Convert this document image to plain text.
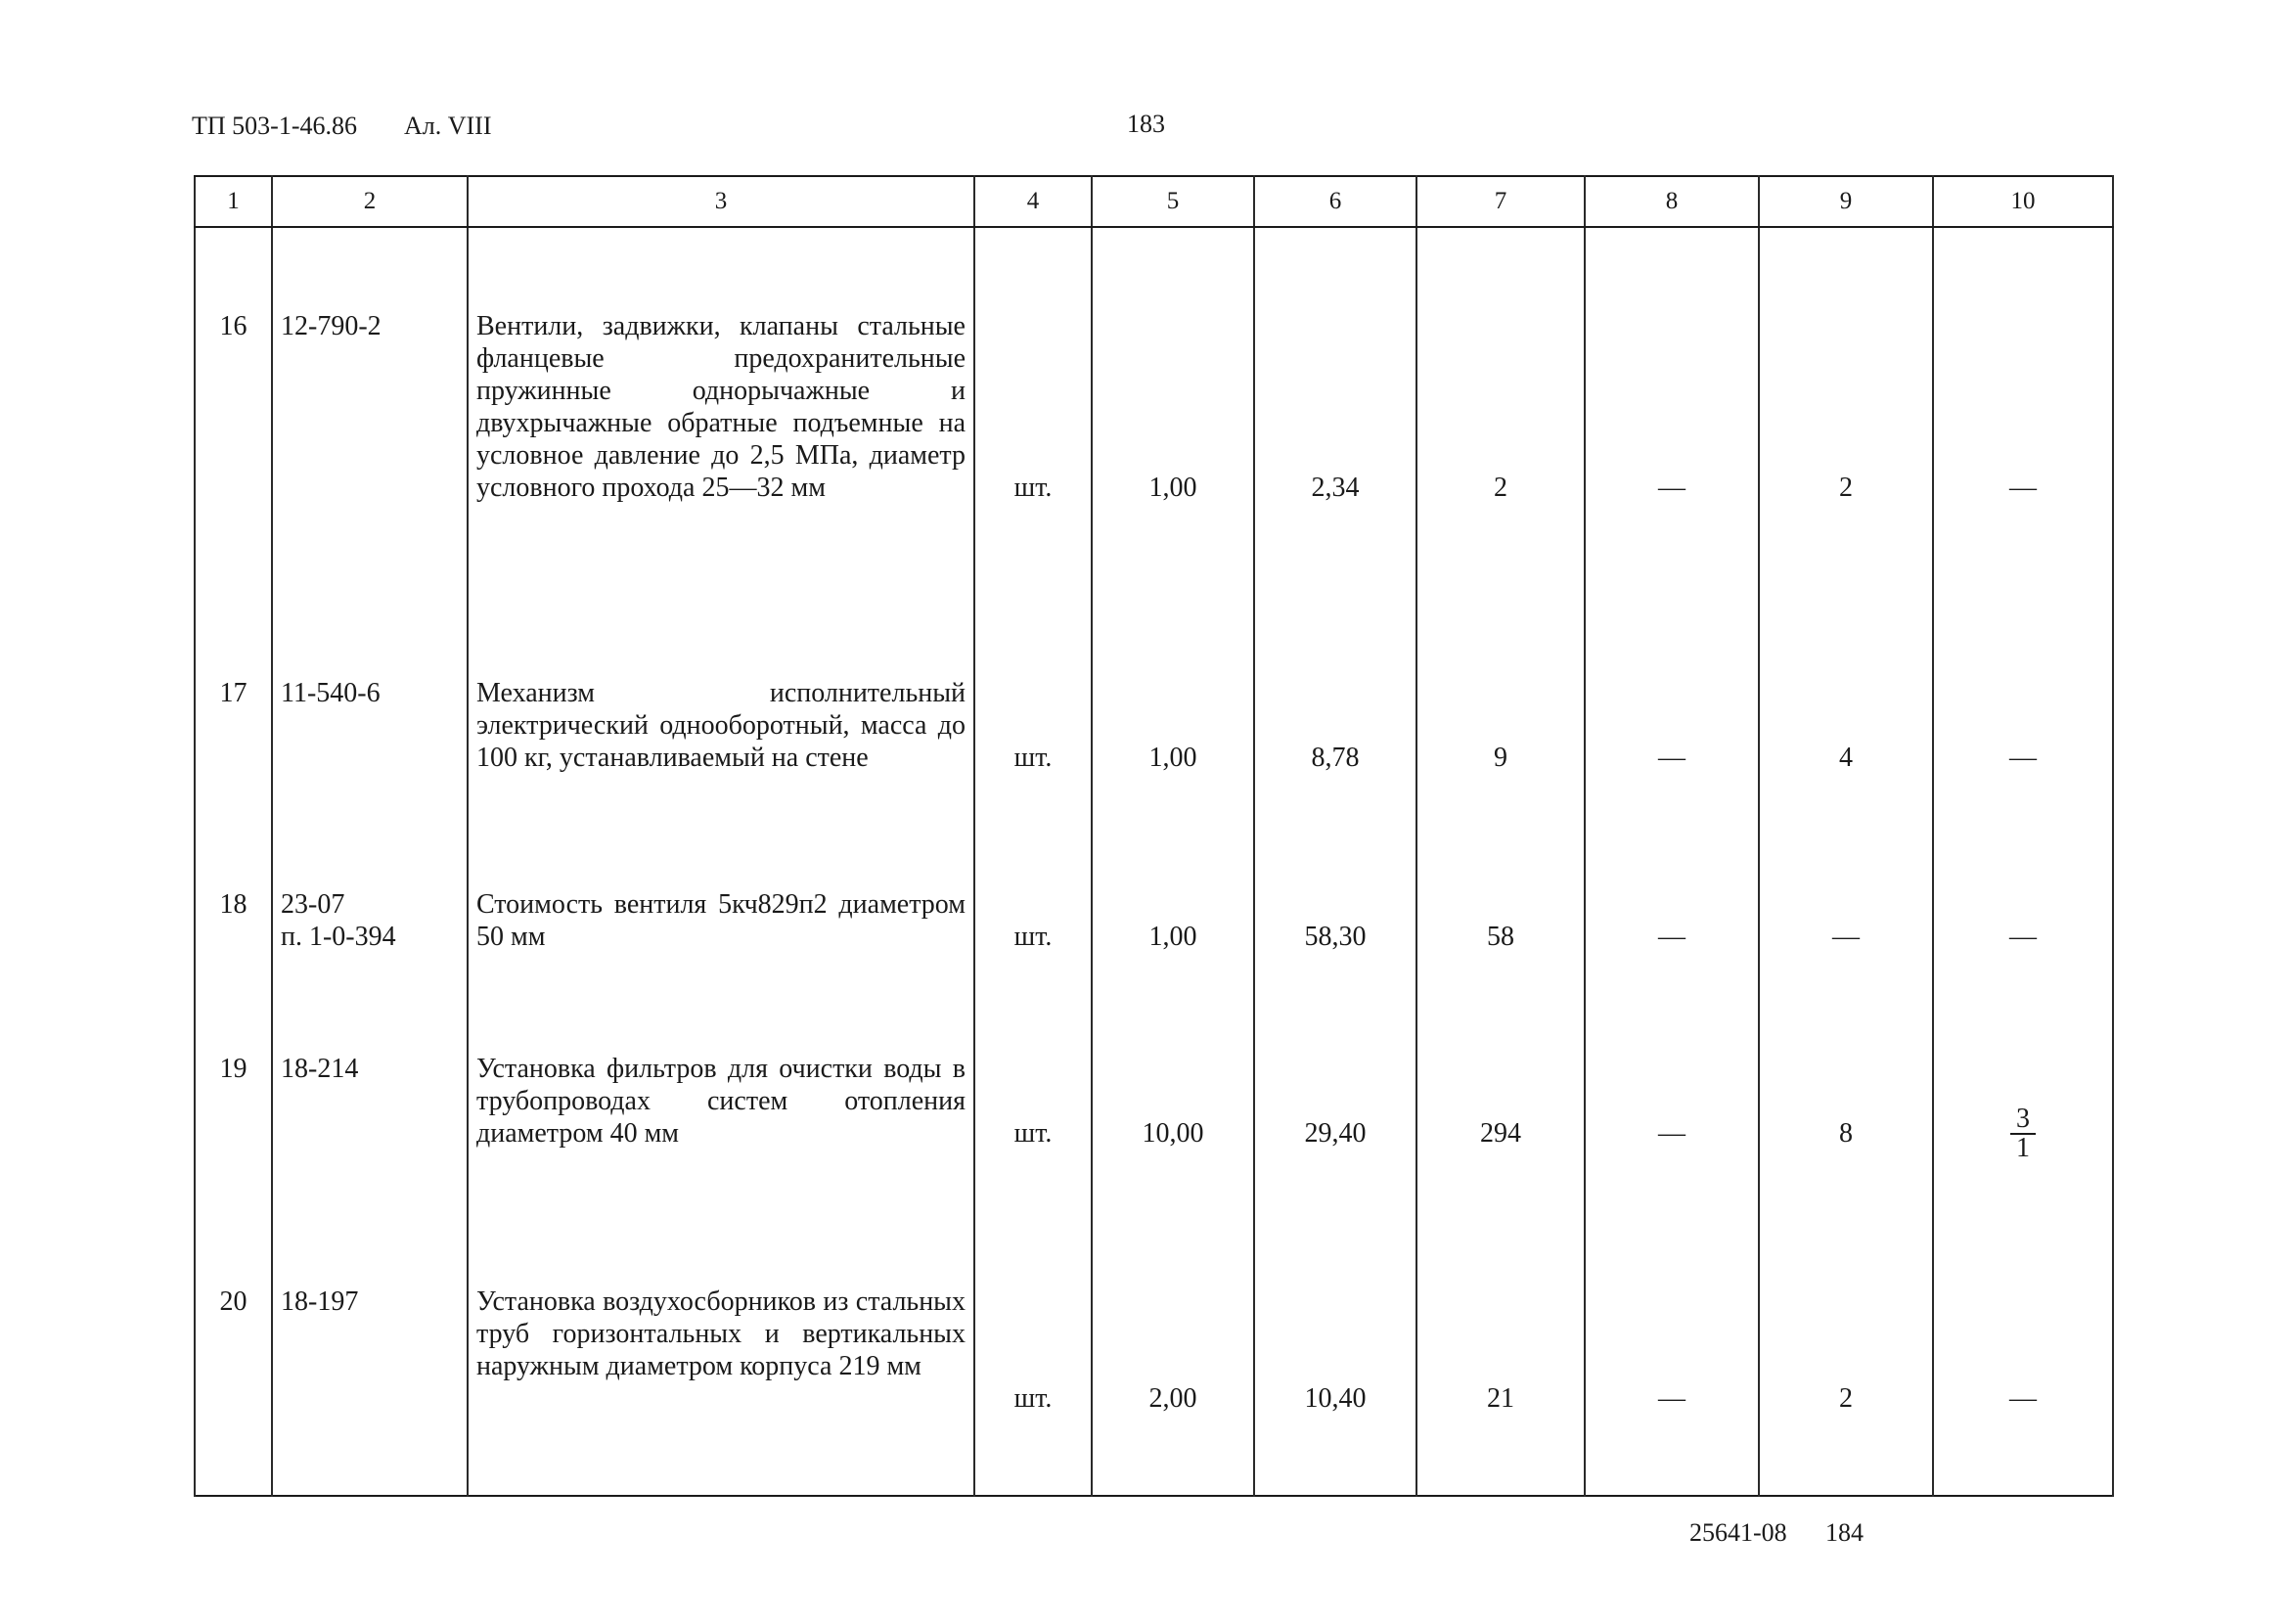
ТП 503-1-46.86 Ал. VIII	183
1	2	3	4	5	6	7	8	9	10
16	12-790-2	Вентили, задвижки, клапаны стальные фланцевые предохранительные пружинные однорычажные и двухрычажные обратные подъемные на условное давление до 2,5 МПа, диаметр условного прохода 25—32 мм	шт.	1,00	2,34	2	—	2	—

17	11-540-6	Механизм исполнительный электрический однооборотный, масса до 100 кг, устанавливаемый на стене	шт.	1,00	8,78	9	—	4	—

18	23-07
п. 1-0-394	Стоимость вентиля 5кч829п2 диаметром 50 мм	шт.	1,00	58,30	58	—	—	—

19	18-214	Установка фильтров для очистки воды в трубопроводах систем отопления диаметром 40 мм	шт.	10,00	29,40	294	—	8	$\frac{3}{1}$

20	18-197	Установка воздухосборников из стальных труб горизонтальных и вертикальных наружным диаметром корпуса 219 мм	шт.	2,00	10,40	21	—	2	—

25641-08 184
